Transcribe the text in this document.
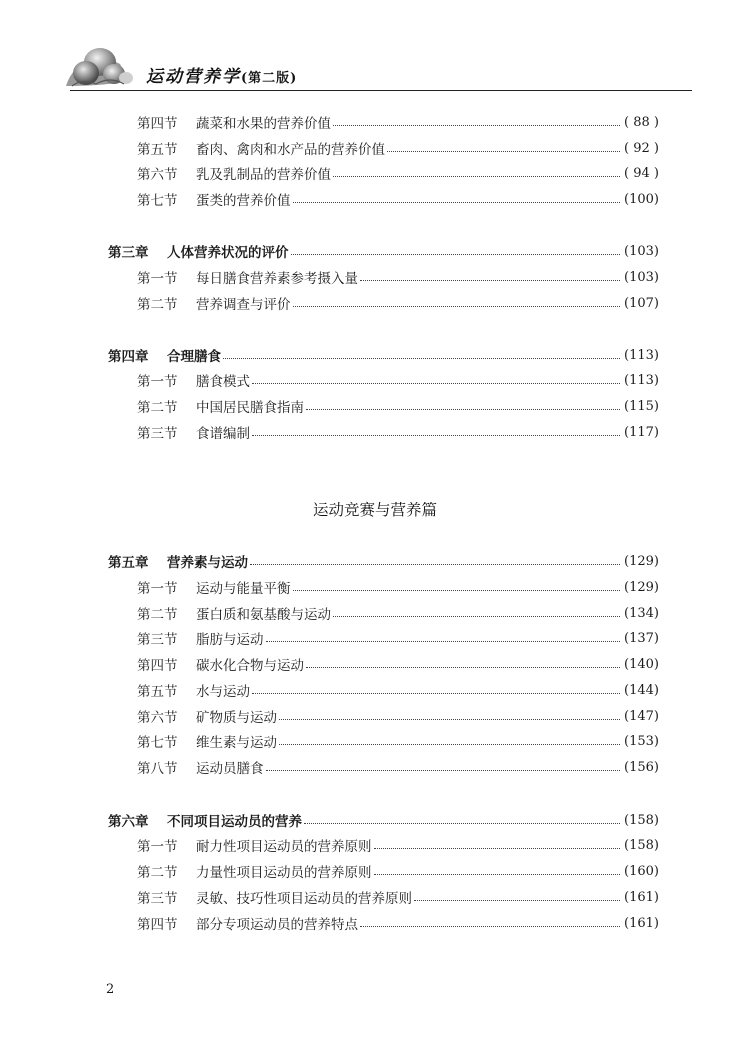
运动营养学(第二版)
第四节 蔬菜和水果的营养价值	( 88 )
第五节 畜肉、禽肉和水产品的营养价值	( 92 )
第六节 乳及乳制品的营养价值	( 94 )
第七节 蛋类的营养价值	(100)
第三章 人体营养状况的评价	(103)
第一节 每日膳食营养素参考摄入量	(103)
第二节 营养调查与评价	(107)
第四章 合理膳食	(113)
第一节 膳食模式	(113)
第二节 中国居民膳食指南	(115)
第三节 食谱编制	(117)
第五章 营养素与运动	(129)
第一节 运动与能量平衡	(129)
第二节 蛋白质和氨基酸与运动	(134)
第三节 脂肪与运动	(137)
第四节 碳水化合物与运动	(140)
第五节 水与运动	(144)
第六节 矿物质与运动	(147)
第七节 维生素与运动	(153)
第八节 运动员膳食	(156)
第六章 不同项目运动员的营养	(158)
第一节 耐力性项目运动员的营养原则	(158)
第二节 力量性项目运动员的营养原则	(160)
第三节 灵敏、技巧性项目运动员的营养原则	(161)
第四节 部分专项运动员的营养特点	(161)
运动竞赛与营养篇
2
